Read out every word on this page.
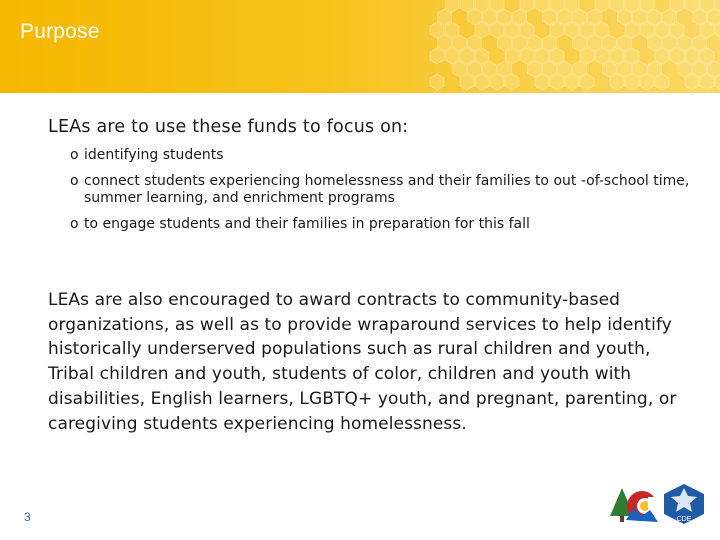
Purpose

LEAs are to use these funds to focus on:

o identifying students
o connect students experiencing homelessness and their families to out -of-school time, summer learning, and enrichment programs
o to engage students and their families in preparation for this fall

LEAs are also encouraged to award contracts to community-based organizations, as well as to provide wraparound services to help identify historically underserved populations such as rural children and youth, Tribal children and youth, students of color, children and youth with disabilities, English learners, LGBTQ+ youth, and pregnant, parenting, or caregiving students experiencing homelessness.

3	CDE
